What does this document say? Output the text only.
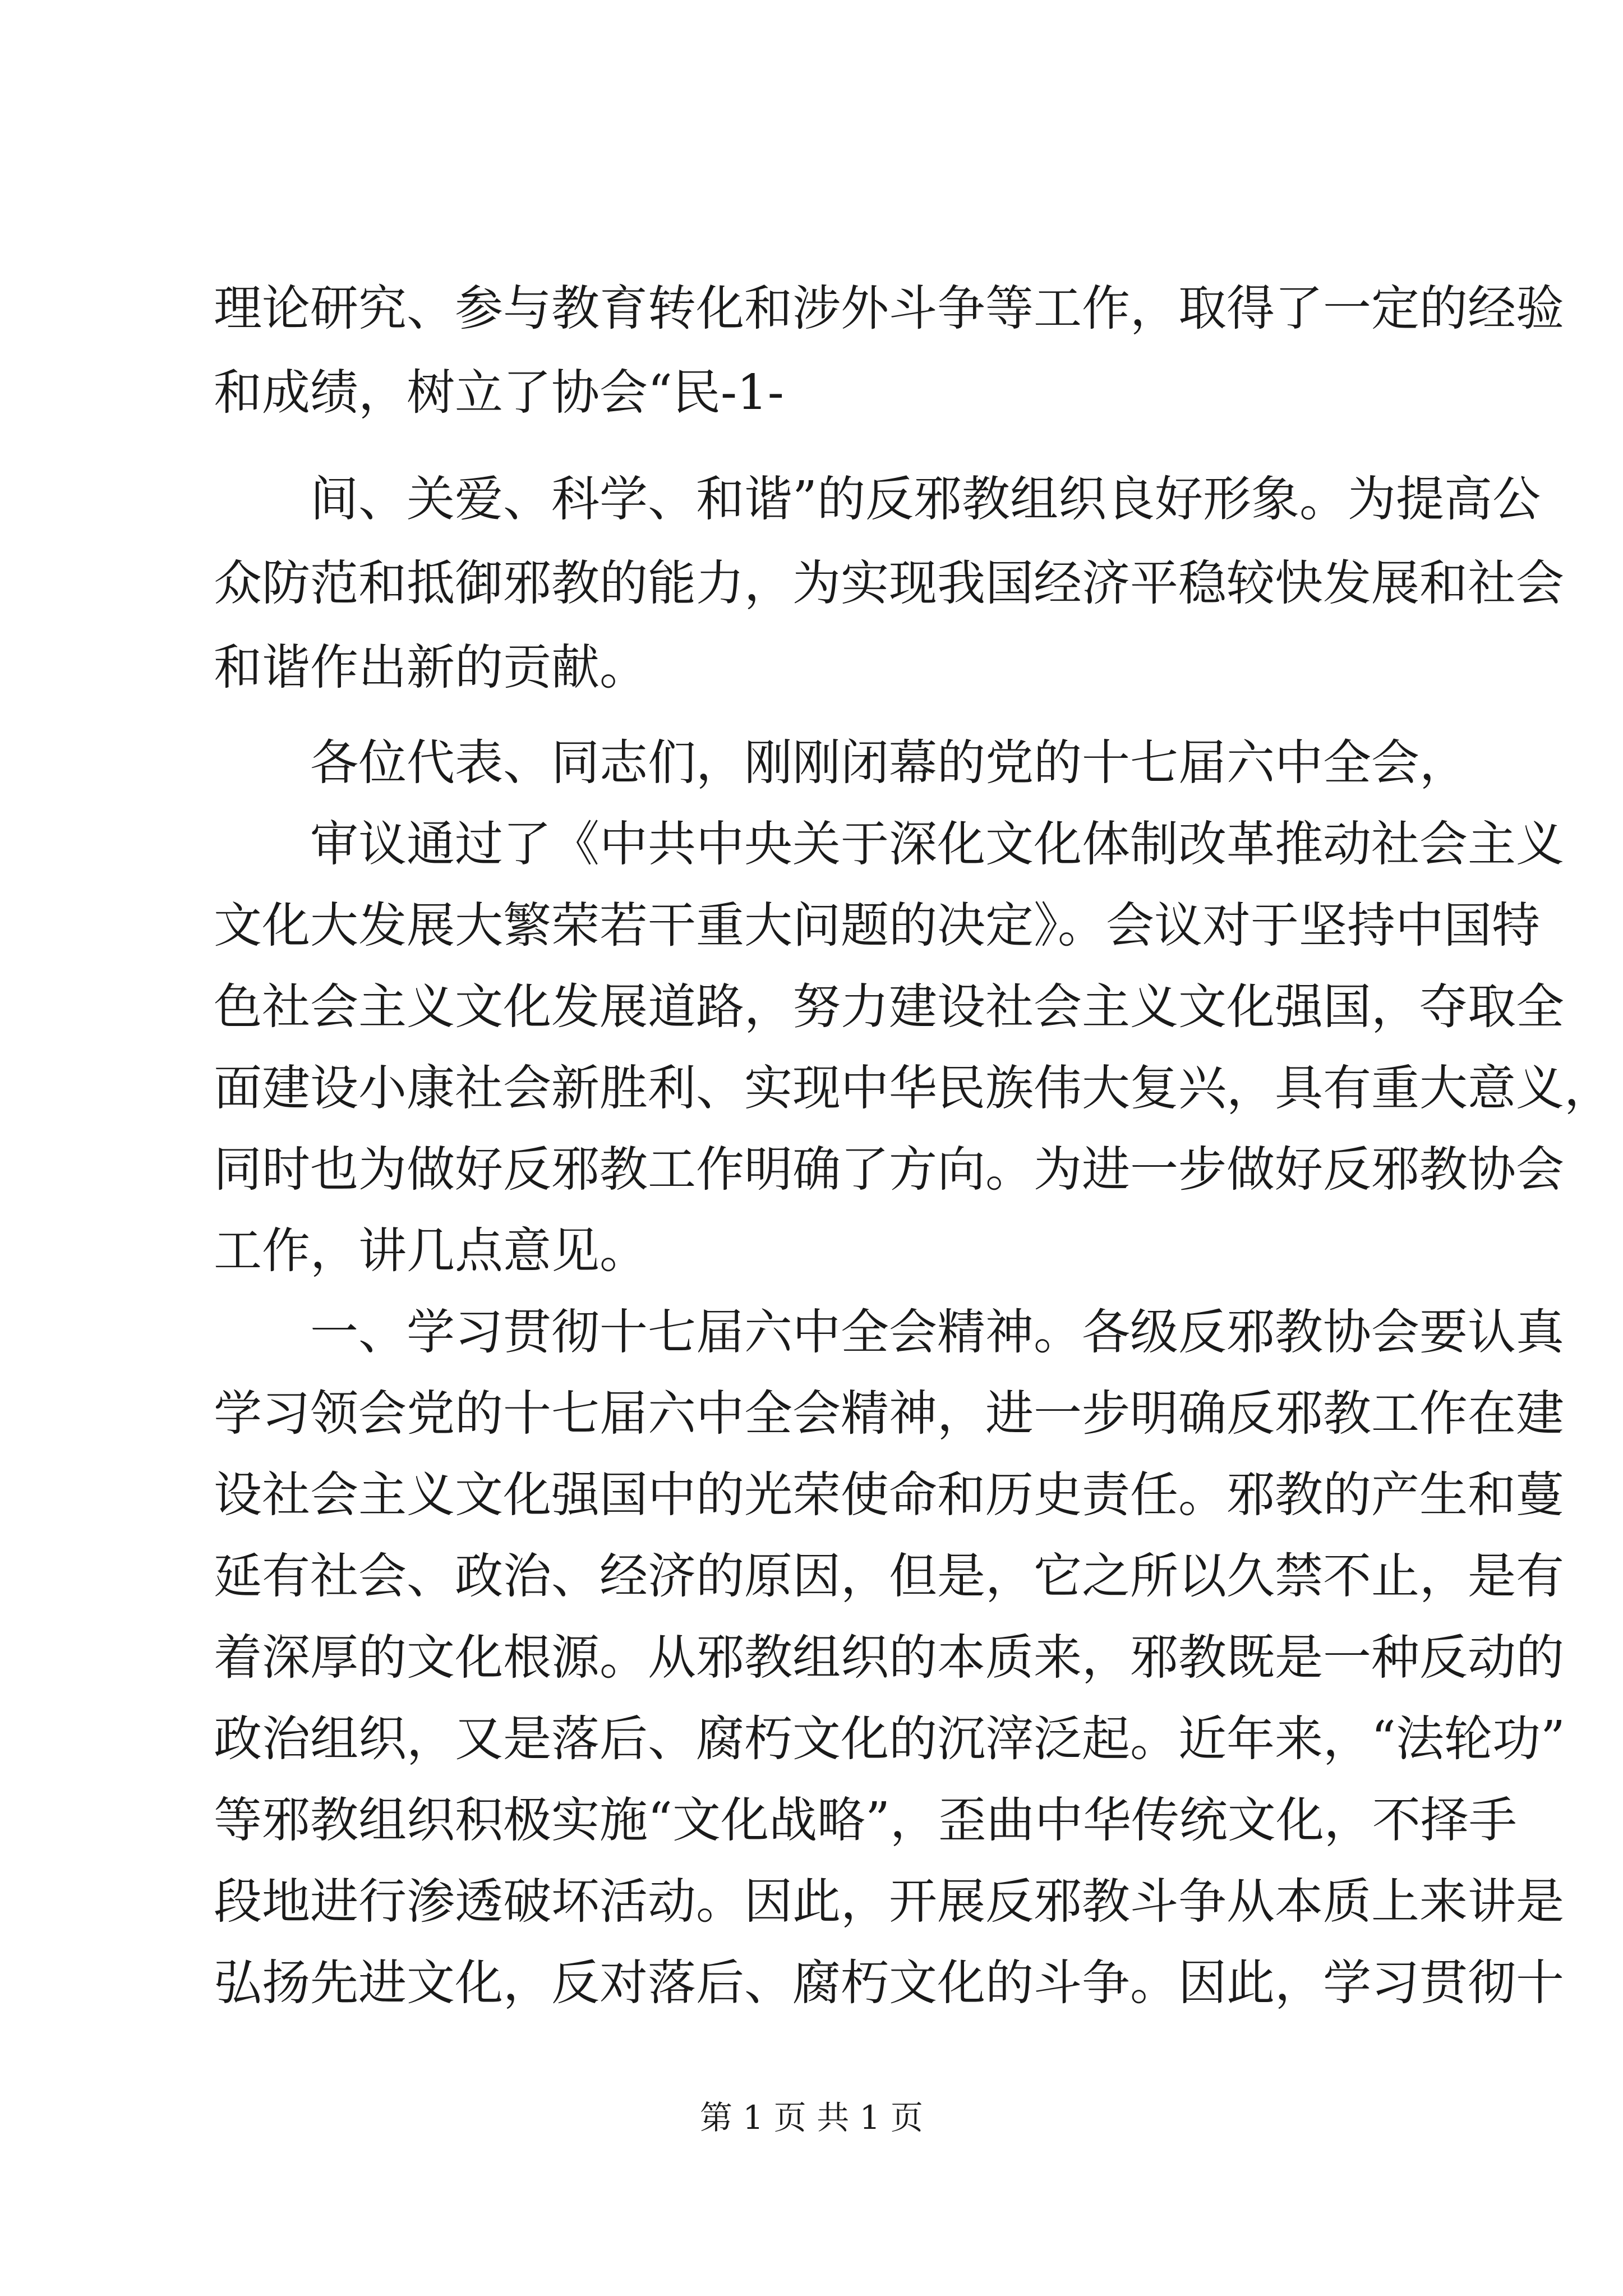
理论研究、参与教育转化和涉外斗争等工作，取得了一定的经验
和成绩，树立了协会“民-1-
间、关爱、科学、和谐”的反邪教组织良好形象。为提高公
众防范和抵御邪教的能力，为实现我国经济平稳较快发展和社会
和谐作出新的贡献。
各位代表、同志们，刚刚闭幕的党的十七届六中全会，
审议通过了《中共中央关于深化文化体制改革推动社会主义
文化大发展大繁荣若干重大问题的决定》。会议对于坚持中国特
色社会主义文化发展道路，努力建设社会主义文化强国，夺取全
面建设小康社会新胜利、实现中华民族伟大复兴，具有重大意义，
同时也为做好反邪教工作明确了方向。为进一步做好反邪教协会
工作，讲几点意见。
一、学习贯彻十七届六中全会精神。各级反邪教协会要认真
学习领会党的十七届六中全会精神，进一步明确反邪教工作在建
设社会主义文化强国中的光荣使命和历史责任。邪教的产生和蔓
延有社会、政治、经济的原因，但是，它之所以久禁不止，是有
着深厚的文化根源。从邪教组织的本质来，邪教既是一种反动的
政治组织，又是落后、腐朽文化的沉滓泛起。近年来，“法轮功”
等邪教组织积极实施“文化战略”，歪曲中华传统文化，不择手
段地进行渗透破坏活动。因此，开展反邪教斗争从本质上来讲是
弘扬先进文化，反对落后、腐朽文化的斗争。因此，学习贯彻十
第 1 页 共 1 页
